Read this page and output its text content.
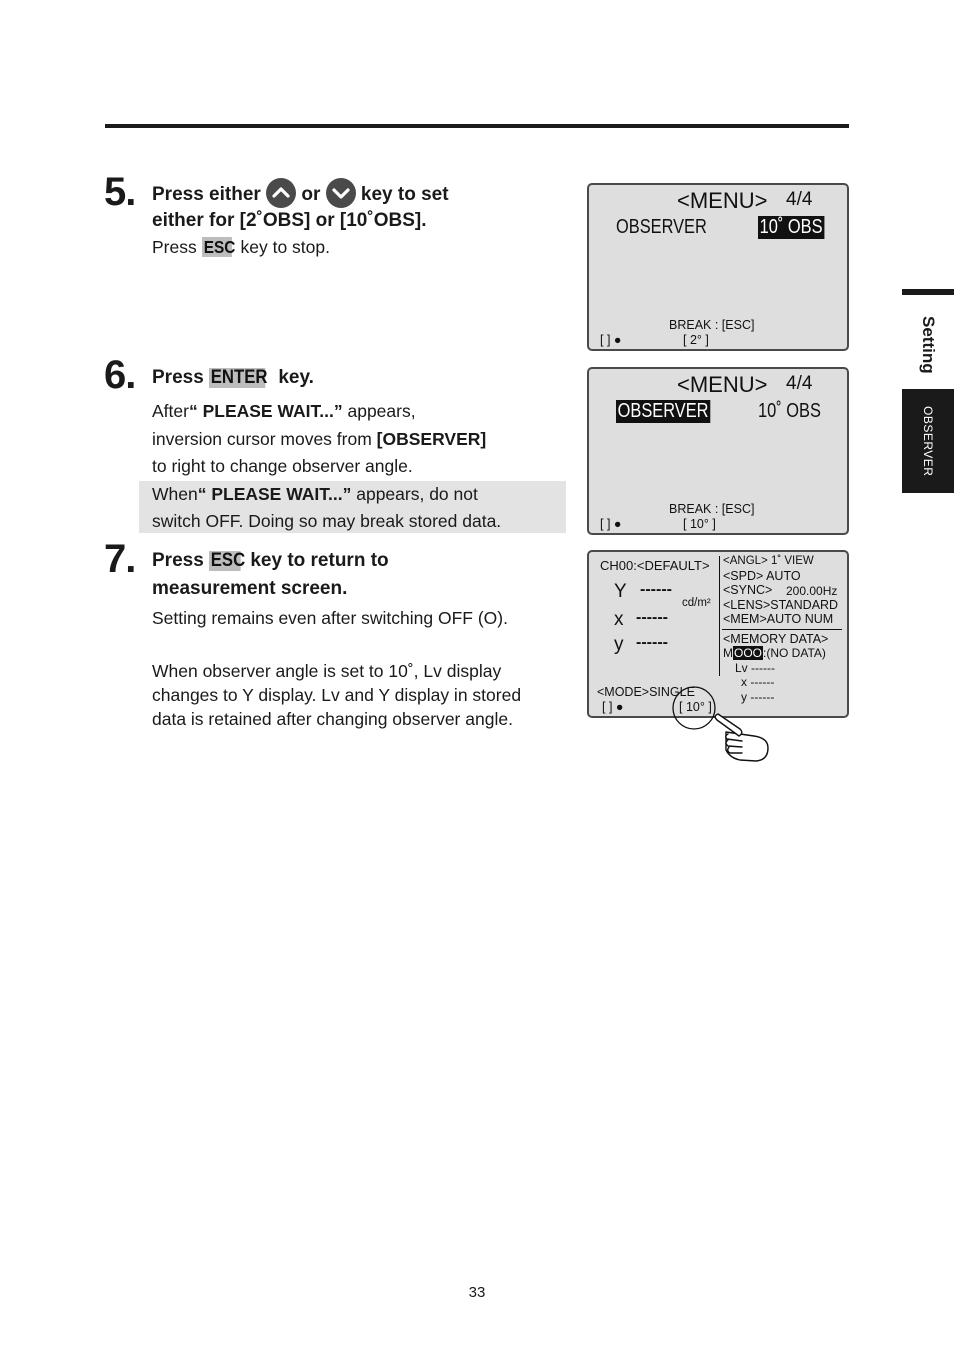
5. Press either or key to set
either for [2˚OBS] or [10˚OBS].
Press ESC key to stop.
6. Press ENTER key.
After“ PLEASE WAIT...” appears,
inversion cursor moves from [OBSERVER]
to right to change observer angle.
When“ PLEASE WAIT...” appears, do not
switch OFF. Doing so may break stored data.
7. Press ESC key to return to
measurement screen.
Setting remains even after switching OFF (O).
When observer angle is set to 10˚, Lv display
changes to Y display. Lv and Y display in stored
data is retained after changing observer angle.
<MENU> 4/4
OBSERVER	10˚ OBS
BREAK : [ESC]
[ ] ●	[ 2° ]
<MENU> 4/4
OBSERVER 10˚ OBS
BREAK : [ESC]
[ ] ●	[ 10° ]
CH00:<DEFAULT>
Y ------
cd/m²
x ------
y ------
<MODE>SINGLE
[ ] ●	[ 10° ]
<ANGL> 1˚ VIEW
<SPD> AUTO
<SYNC> 200.00Hz
<LENS>STANDARD
<MEM>AUTO NUM
<MEMORY DATA>
MOOO:(NO DATA)
Lv ------
x ------
y ------
Setting
OBSERVER
33
